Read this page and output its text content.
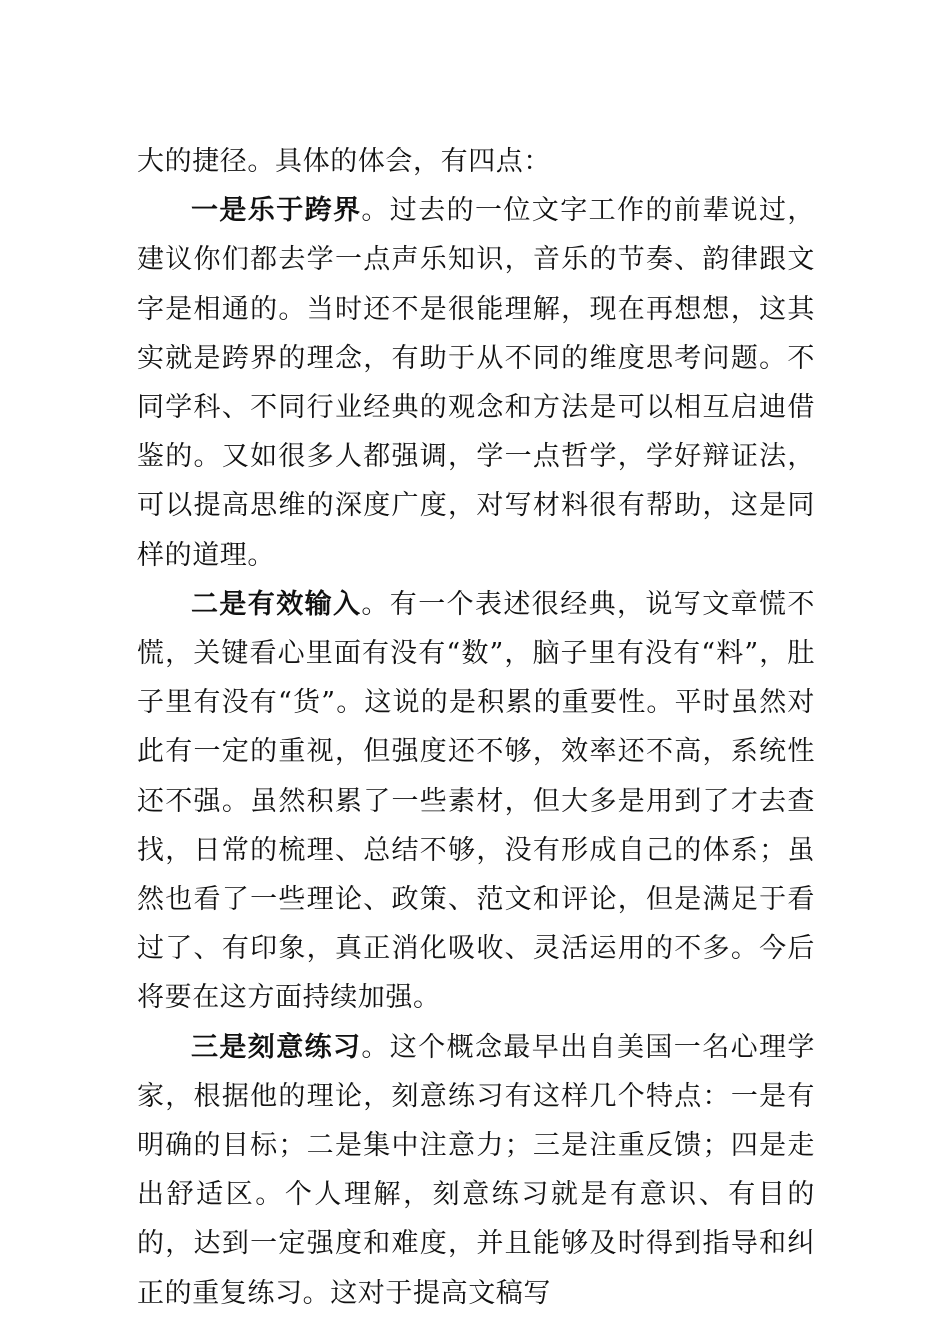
大的捷径。具体的体会，有四点：

一是乐于跨界。过去的一位文字工作的前辈说过，建议你们都去学一点声乐知识，音乐的节奏、韵律跟文字是相通的。当时还不是很能理解，现在再想想，这其实就是跨界的理念，有助于从不同的维度思考问题。不同学科、不同行业经典的观念和方法是可以相互启迪借鉴的。又如很多人都强调，学一点哲学，学好辩证法，可以提高思维的深度广度，对写材料很有帮助，这是同样的道理。

二是有效输入。有一个表述很经典，说写文章慌不慌，关键看心里面有没有“数”，脑子里有没有“料”，肚子里有没有“货”。这说的是积累的重要性。平时虽然对此有一定的重视，但强度还不够，效率还不高，系统性还不强。虽然积累了一些素材，但大多是用到了才去查找，日常的梳理、总结不够，没有形成自己的体系；虽然也看了一些理论、政策、范文和评论，但是满足于看过了、有印象，真正消化吸收、灵活运用的不多。今后将要在这方面持续加强。

三是刻意练习。这个概念最早出自美国一名心理学家，根据他的理论，刻意练习有这样几个特点：一是有明确的目标；二是集中注意力；三是注重反馈；四是走出舒适区。个人理解，刻意练习就是有意识、有目的的，达到一定强度和难度，并且能够及时得到指导和纠正的重复练习。这对于提高文稿写
